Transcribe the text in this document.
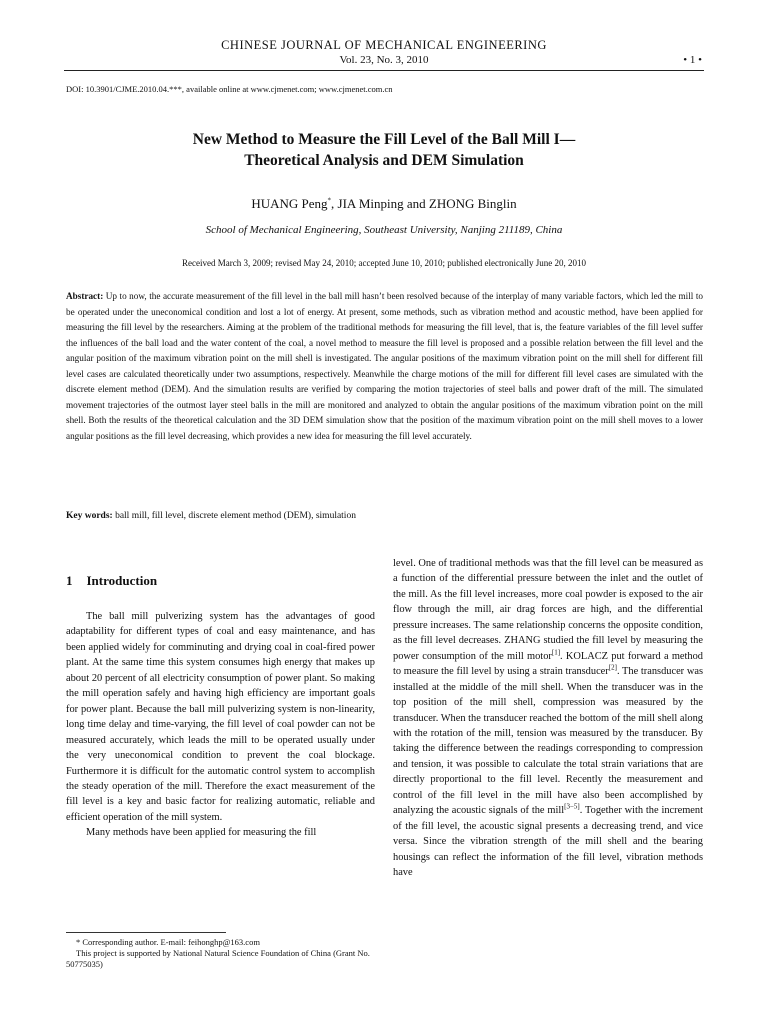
CHINESE JOURNAL OF MECHANICAL ENGINEERING
Vol. 23, No. 3, 2010	• 1 •
DOI: 10.3901/CJME.2010.04.***, available online at www.cjmenet.com; www.cjmenet.com.cn
New Method to Measure the Fill Level of the Ball Mill I—
Theoretical Analysis and DEM Simulation
HUANG Peng*, JIA Minping and ZHONG Binglin
School of Mechanical Engineering, Southeast University, Nanjing 211189, China
Received March 3, 2009; revised May 24, 2010; accepted June 10, 2010; published electronically June 20, 2010
Abstract: Up to now, the accurate measurement of the fill level in the ball mill hasn’t been resolved because of the interplay of many variable factors, which led the mill to be operated under the uneconomical condition and lost a lot of energy. At present, some methods, such as vibration method and acoustic method, have been applied for measuring the fill level by the researchers. Aiming at the problem of the traditional methods for measuring the fill level, that is, the feature variables of the fill level suffer the influences of the ball load and the water content of the coal, a novel method to measure the fill level is proposed and a possible relation between the fill level and the angular position of the maximum vibration point on the mill shell is investigated. The angular positions of the maximum vibration point on the mill shell for different fill level cases are calculated theoretically under two assumptions, respectively. Meanwhile the charge motions of the mill for different fill level cases are simulated with the discrete element method (DEM). And the simulation results are verified by comparing the motion trajectories of steel balls and power draft of the mill. The simulated movement trajectories of the outmost layer steel balls in the mill are monitored and analyzed to obtain the angular positions of the maximum vibration point on the mill shell. Both the results of the theoretical calculation and the 3D DEM simulation show that the position of the maximum vibration point on the mill shell moves to a lower angular positions as the fill level decreasing, which provides a new idea for measuring the fill level accurately.
Key words: ball mill, fill level, discrete element method (DEM), simulation
1 Introduction

The ball mill pulverizing system has the advantages of good adaptability for different types of coal and easy maintenance, and has been applied widely for comminuting and drying coal in coal-fired power plant. At the same time this system consumes high energy that makes up about 20 percent of all electricity consumption of power plant. So making the mill operation safely and having high efficiency are important goals for power plant. Because the ball mill pulverizing system is non-linearity, long time delay and time-varying, the fill level of coal powder can not be measured accurately, which leads the mill to be operated usually under the very uneconomical condition to prevent the coal blockage. Furthermore it is difficult for the automatic control system to accomplish the steady operation of the mill. Therefore the exact measurement of the fill level is a key and basic factor for realizing automatic, reliable and efficient operation of the mill system.

Many methods have been applied for measuring the fill

level. One of traditional methods was that the fill level can be measured as a function of the differential pressure between the inlet and the outlet of the mill. As the fill level increases, more coal powder is exposed to the air flow through the mill, air drag forces are high, and the differential pressure increases. The same relationship concerns the opposite condition, as the fill level decreases. ZHANG studied the fill level by measuring the power consumption of the mill motor[1]. KOLACZ put forward a method to measure the fill level by using a strain transducer[2]. The transducer was installed at the middle of the mill shell. When the transducer was in the top position of the mill shell, compression was measured by the transducer. When the transducer reached the bottom of the mill shell along with the rotation of the mill, tension was measured by the transducer. By taking the difference between the readings corresponding to compression and tension, it was possible to calculate the total strain variations that are directly proportional to the fill level. Recently the measurement and control of the fill level in the mill have also been accomplished by analyzing the acoustic signals of the mill[3−5]. Together with the increment of the fill level, the acoustic signal presents a decreasing trend, and vice versa. Since the vibration strength of the mill shell and the bearing housings can reflect the information of the fill level, vibration methods have

* Corresponding author. E-mail: feihonghp@163.com
This project is supported by National Natural Science Foundation of China (Grant No. 50775035)
